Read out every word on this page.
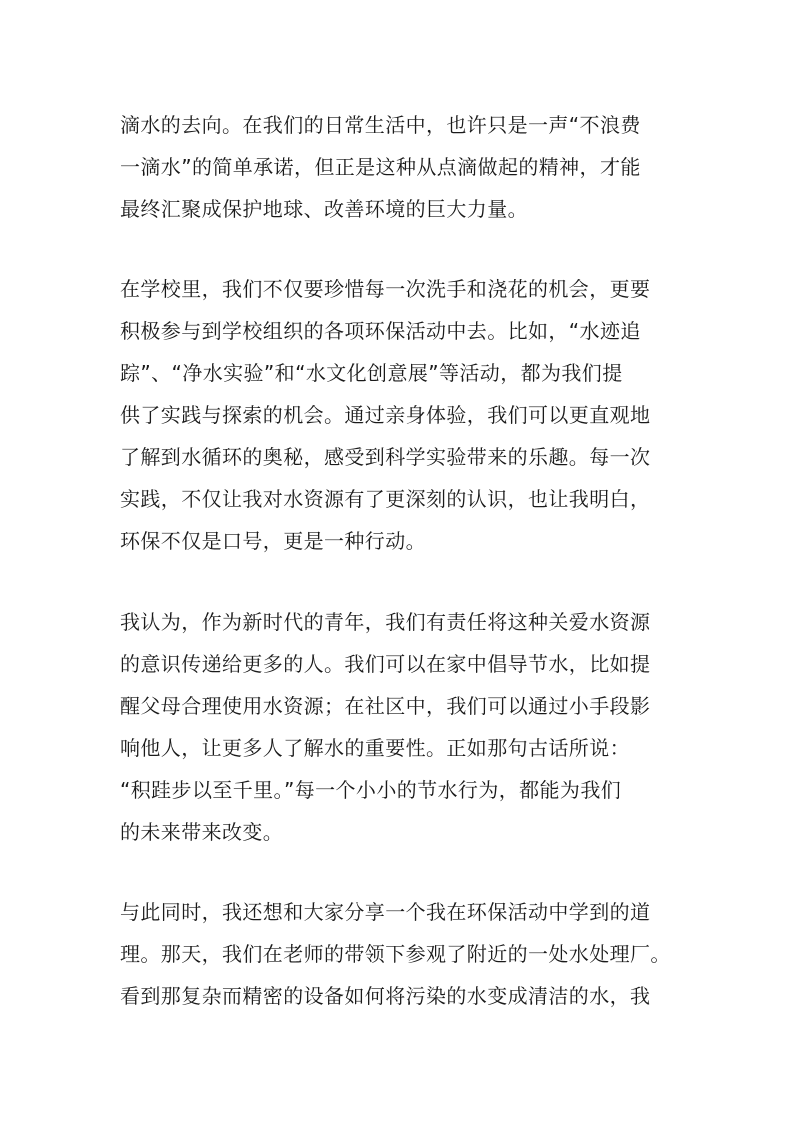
滴水的去向。在我们的日常生活中，也许只是一声“不浪费
一滴水”的简单承诺，但正是这种从点滴做起的精神，才能
最终汇聚成保护地球、改善环境的巨大力量。
在学校里，我们不仅要珍惜每一次洗手和浇花的机会，更要
积极参与到学校组织的各项环保活动中去。比如，“水迹追
踪”、“净水实验”和“水文化创意展”等活动，都为我们提
供了实践与探索的机会。通过亲身体验，我们可以更直观地
了解到水循环的奥秘，感受到科学实验带来的乐趣。每一次
实践，不仅让我对水资源有了更深刻的认识，也让我明白，
环保不仅是口号，更是一种行动。
我认为，作为新时代的青年，我们有责任将这种关爱水资源
的意识传递给更多的人。我们可以在家中倡导节水，比如提
醒父母合理使用水资源；在社区中，我们可以通过小手段影
响他人，让更多人了解水的重要性。正如那句古话所说：
“积跬步以至千里。”每一个小小的节水行为，都能为我们
的未来带来改变。
与此同时，我还想和大家分享一个我在环保活动中学到的道
理。那天，我们在老师的带领下参观了附近的一处水处理厂。
看到那复杂而精密的设备如何将污染的水变成清洁的水，我
